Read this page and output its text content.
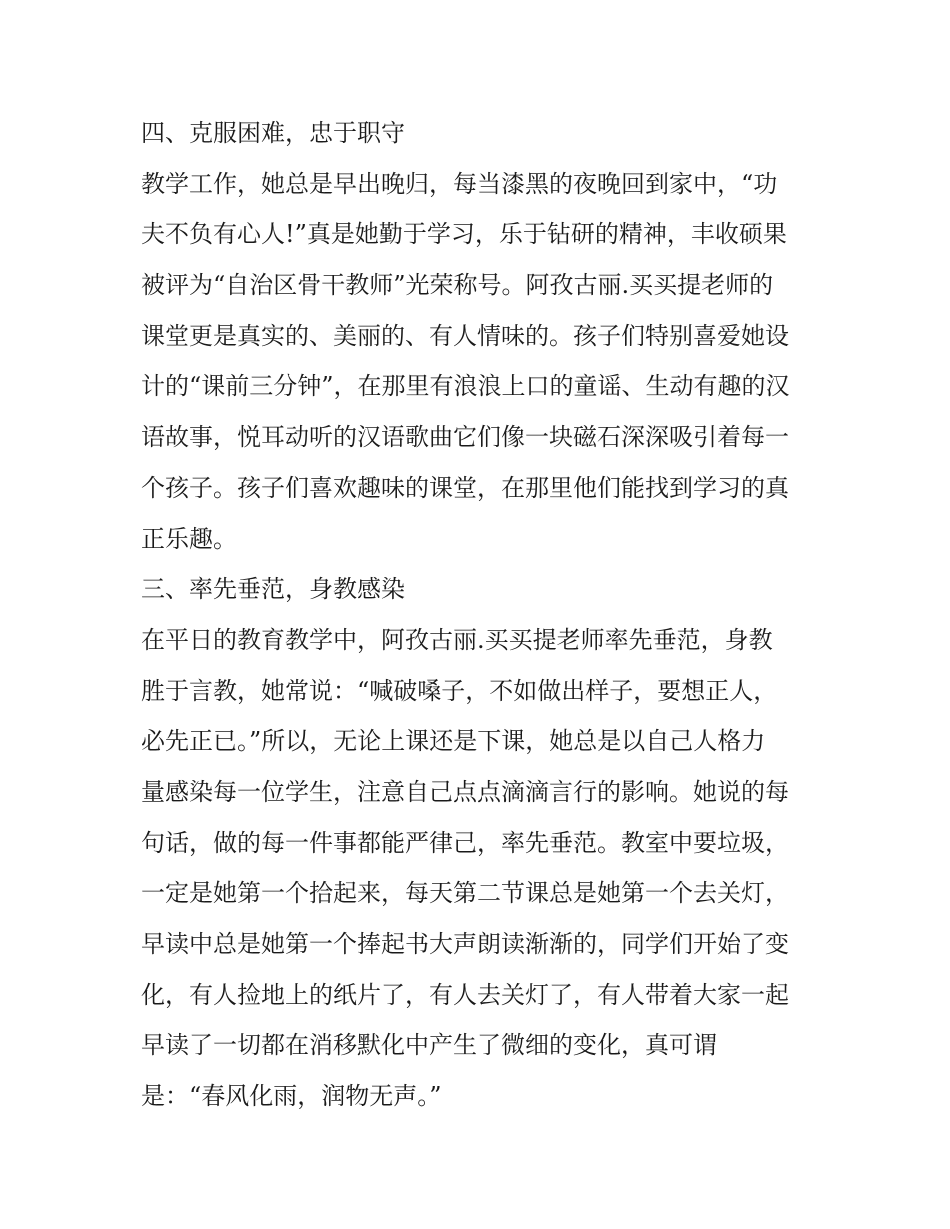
四、克服困难，忠于职守
教学工作，她总是早出晚归，每当漆黑的夜晚回到家中，“功
夫不负有心人!”真是她勤于学习，乐于钻研的精神，丰收硕果
被评为“自治区骨干教师”光荣称号。阿孜古丽.买买提老师的
课堂更是真实的、美丽的、有人情味的。孩子们特别喜爱她设
计的“课前三分钟”，在那里有浪浪上口的童谣、生动有趣的汉
语故事，悦耳动听的汉语歌曲它们像一块磁石深深吸引着每一
个孩子。孩子们喜欢趣味的课堂，在那里他们能找到学习的真
正乐趣。
三、率先垂范，身教感染
在平日的教育教学中，阿孜古丽.买买提老师率先垂范，身教
胜于言教，她常说：“喊破嗓子，不如做出样子，要想正人，
必先正已。”所以，无论上课还是下课，她总是以自己人格力
量感染每一位学生，注意自己点点滴滴言行的影响。她说的每
句话，做的每一件事都能严律己，率先垂范。教室中要垃圾，
一定是她第一个拾起来，每天第二节课总是她第一个去关灯，
早读中总是她第一个捧起书大声朗读渐渐的，同学们开始了变
化，有人捡地上的纸片了，有人去关灯了，有人带着大家一起
早读了一切都在消移默化中产生了微细的变化，真可谓
是：“春风化雨，润物无声。”
